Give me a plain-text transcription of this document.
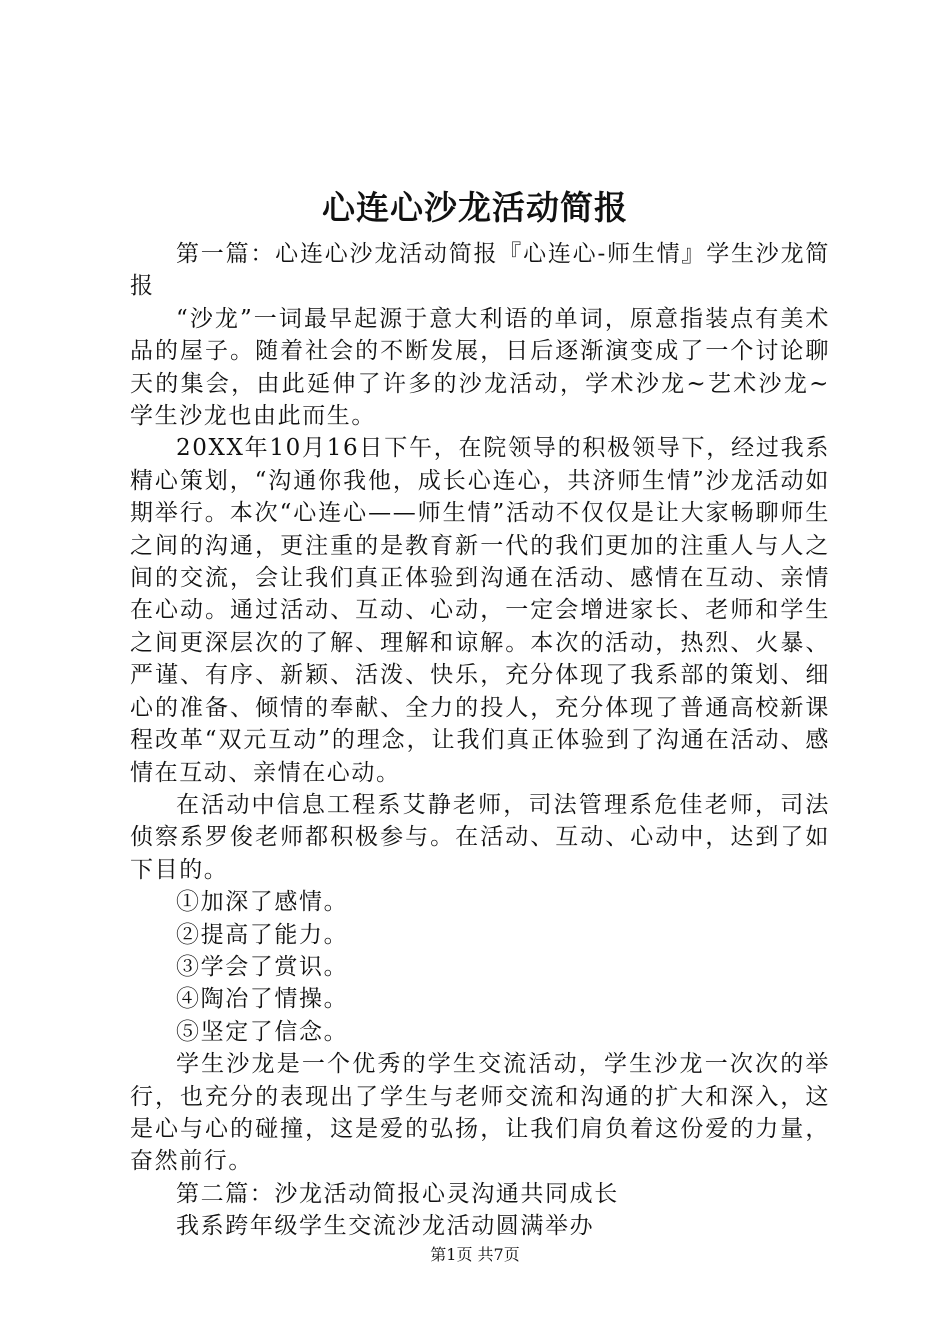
心连心沙龙活动简报

第一篇：心连心沙龙活动简报『心连心-师生情』学生沙龙简报

“沙龙”一词最早起源于意大利语的单词，原意指装点有美术品的屋子。随着社会的不断发展，日后逐渐演变成了一个讨论聊天的集会，由此延伸了许多的沙龙活动，学术沙龙~艺术沙龙~学生沙龙也由此而生。

20XX年10月16日下午，在院领导的积极领导下，经过我系精心策划，“沟通你我他，成长心连心，共济师生情”沙龙活动如期举行。本次“心连心——师生情”活动不仅仅是让大家畅聊师生之间的沟通，更注重的是教育新一代的我们更加的注重人与人之间的交流，会让我们真正体验到沟通在活动、感情在互动、亲情在心动。通过活动、互动、心动，一定会增进家长、老师和学生之间更深层次的了解、理解和谅解。本次的活动，热烈、火暴、严谨、有序、新颖、活泼、快乐，充分体现了我系部的策划、细心的准备、倾情的奉献、全力的投人，充分体现了普通高校新课程改革“双元互动”的理念，让我们真正体验到了沟通在活动、感情在互动、亲情在心动。

在活动中信息工程系艾静老师，司法管理系危佳老师，司法侦察系罗俊老师都积极参与。在活动、互动、心动中，达到了如下目的。

①加深了感情。

②提高了能力。

③学会了赏识。

④陶冶了情操。

⑤坚定了信念。

学生沙龙是一个优秀的学生交流活动，学生沙龙一次次的举行，也充分的表现出了学生与老师交流和沟通的扩大和深入，这是心与心的碰撞，这是爱的弘扬，让我们肩负着这份爱的力量，奋然前行。

第二篇：沙龙活动简报心灵沟通共同成长

我系跨年级学生交流沙龙活动圆满举办

第1页 共7页
